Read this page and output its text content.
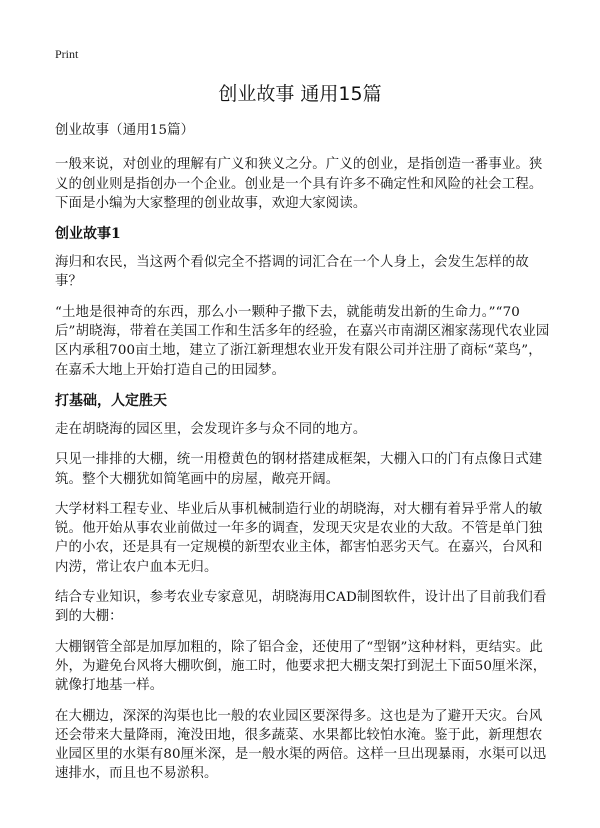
Print
创业故事 通用15篇

创业故事（通用15篇）

一般来说，对创业的理解有广义和狭义之分。广义的创业，是指创造一番事业。狭义的创业则是指创办一个企业。创业是一个具有许多不确定性和风险的社会工程。下面是小编为大家整理的创业故事，欢迎大家阅读。

创业故事1

海归和农民，当这两个看似完全不搭调的词汇合在一个人身上，会发生怎样的故事？

“土地是很神奇的东西，那么小一颗种子撒下去，就能萌发出新的生命力。”“70后”胡晓海，带着在美国工作和生活多年的经验，在嘉兴市南湖区湘家荡现代农业园区内承租700亩土地，建立了浙江新理想农业开发有限公司并注册了商标“菜鸟”，在嘉禾大地上开始打造自己的田园梦。

打基础，人定胜天

走在胡晓海的园区里，会发现许多与众不同的地方。

只见一排排的大棚，统一用橙黄色的钢材搭建成框架，大棚入口的门有点像日式建筑。整个大棚犹如简笔画中的房屋，敞亮开阔。

大学材料工程专业、毕业后从事机械制造行业的胡晓海，对大棚有着异乎常人的敏锐。他开始从事农业前做过一年多的调查，发现天灾是农业的大敌。不管是单门独户的小农，还是具有一定规模的新型农业主体，都害怕恶劣天气。在嘉兴，台风和内涝，常让农户血本无归。

结合专业知识，参考农业专家意见，胡晓海用CAD制图软件，设计出了目前我们看到的大棚：

大棚钢管全部是加厚加粗的，除了铝合金，还使用了“型钢”这种材料，更结实。此外，为避免台风将大棚吹倒，施工时，他要求把大棚支架打到泥土下面50厘米深，就像打地基一样。

在大棚边，深深的沟渠也比一般的农业园区要深得多。这也是为了避开天灾。台风还会带来大量降雨，淹没田地，很多蔬菜、水果都比较怕水淹。鉴于此，新理想农业园区里的水渠有80厘米深，是一般水渠的两倍。这样一旦出现暴雨，水渠可以迅速排水，而且也不易淤积。
